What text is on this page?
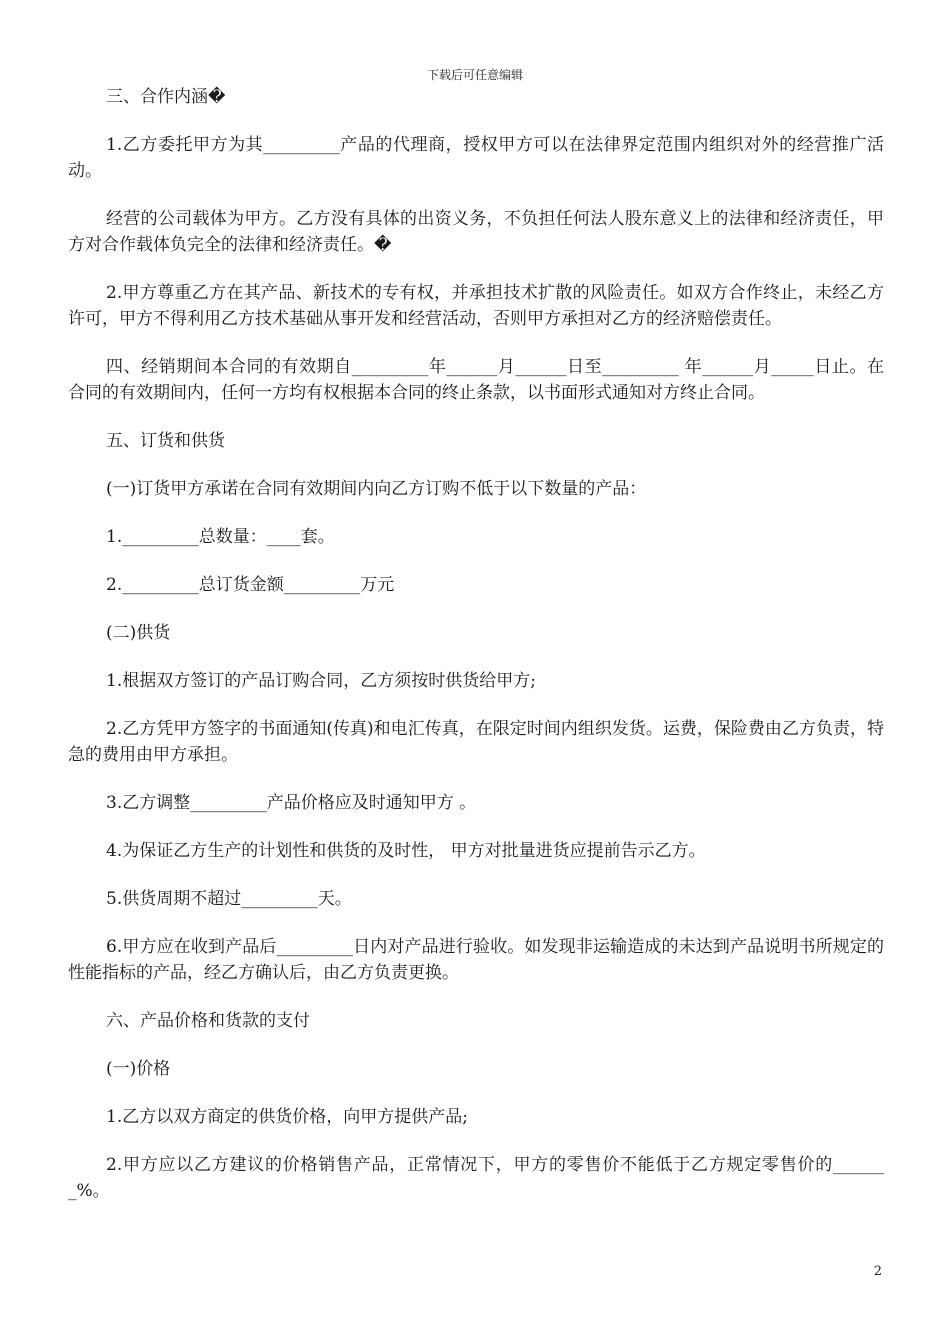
下载后可任意编辑

三、合作内涵�

1.乙方委托甲方为其_________产品的代理商，授权甲方可以在法律界定范围内组织对外的经营推广活动。

经营的公司载体为甲方。乙方没有具体的出资义务，不负担任何法人股东意义上的法律和经济责任，甲方对合作载体负完全的法律和经济责任。�

2.甲方尊重乙方在其产品、新技术的专有权，并承担技术扩散的风险责任。如双方合作终止，未经乙方许可，甲方不得利用乙方技术基础从事开发和经营活动，否则甲方承担对乙方的经济赔偿责任。

四、经销期间本合同的有效期自_________年______月______日至_________ 年______月_____日止。在合同的有效期间内，任何一方均有权根据本合同的终止条款，以书面形式通知对方终止合同。

五、订货和供货

(一)订货甲方承诺在合同有效期间内向乙方订购不低于以下数量的产品：

1._________总数量：____套。

2._________总订货金额_________万元

(二)供货

1.根据双方签订的产品订购合同，乙方须按时供货给甲方;

2.乙方凭甲方签字的书面通知(传真)和电汇传真，在限定时间内组织发货。运费，保险费由乙方负责，特急的费用由甲方承担。

3.乙方调整_________产品价格应及时通知甲方 。

4.为保证乙方生产的计划性和供货的及时性， 甲方对批量进货应提前告示乙方。

5.供货周期不超过_________天。

6.甲方应在收到产品后_________日内对产品进行验收。如发现非运输造成的未达到产品说明书所规定的性能指标的产品，经乙方确认后，由乙方负责更换。

六、产品价格和货款的支付

(一)价格

1.乙方以双方商定的供货价格，向甲方提供产品;

2.甲方应以乙方建议的价格销售产品，正常情况下，甲方的零售价不能低于乙方规定零售价的_______%。

2
